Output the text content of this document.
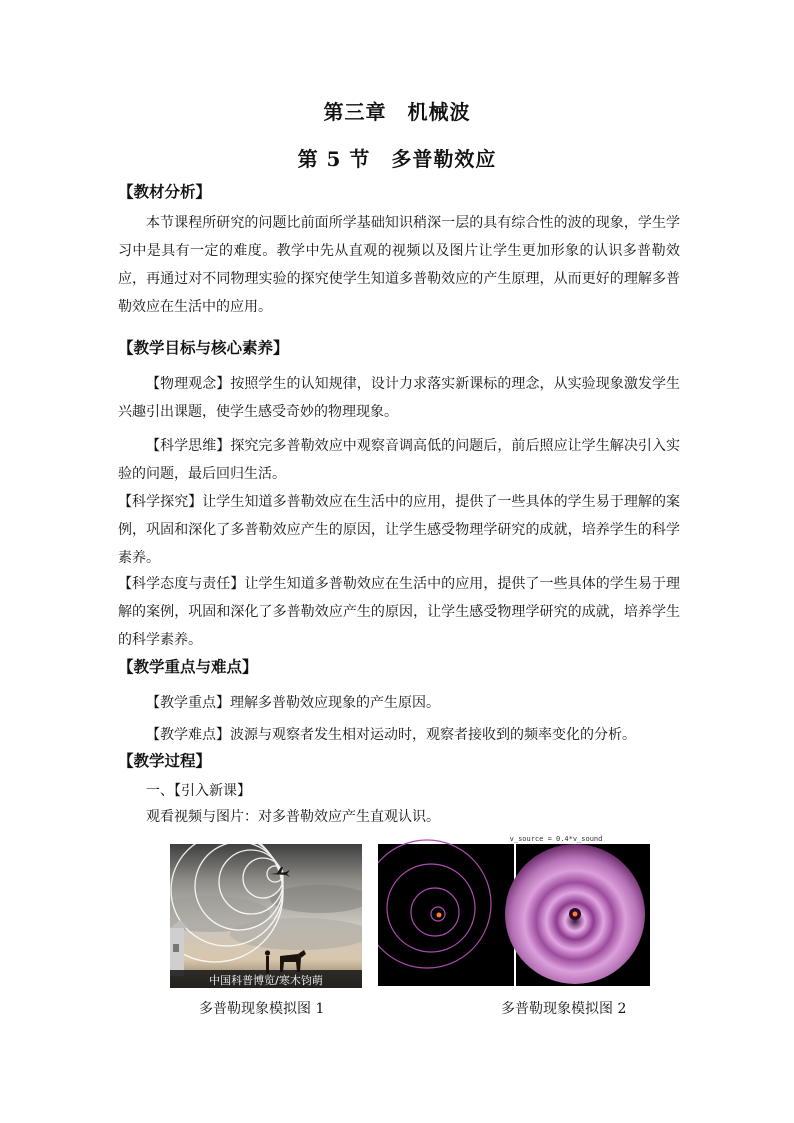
第三章　机械波
第 5 节　多普勒效应
【教材分析】
本节课程所研究的问题比前面所学基础知识稍深一层的具有综合性的波的现象，学生学习中是具有一定的难度。教学中先从直观的视频以及图片让学生更加形象的认识多普勒效应，再通过对不同物理实验的探究使学生知道多普勒效应的产生原理，从而更好的理解多普勒效应在生活中的应用。
【教学目标与核心素养】
【物理观念】按照学生的认知规律，设计力求落实新课标的理念，从实验现象激发学生兴趣引出课题，使学生感受奇妙的物理现象。
【科学思维】探究完多普勒效应中观察音调高低的问题后，前后照应让学生解决引入实验的问题，最后回归生活。
【科学探究】让学生知道多普勒效应在生活中的应用，提供了一些具体的学生易于理解的案例，巩固和深化了多普勒效应产生的原因，让学生感受物理学研究的成就，培养学生的科学素养。
【科学态度与责任】让学生知道多普勒效应在生活中的应用，提供了一些具体的学生易于理解的案例，巩固和深化了多普勒效应产生的原因，让学生感受物理学研究的成就，培养学生的科学素养。
【教学重点与难点】
【教学重点】理解多普勒效应现象的产生原因。
【教学难点】波源与观察者发生相对运动时，观察者接收到的频率变化的分析。
【教学过程】
一、【引入新课】
观看视频与图片：对多普勒效应产生直观认识。
中国科普博览/寒木钧萌
多普勒现象模拟图 1
v_source = 0.4*v_sound
多普勒现象模拟图 2
